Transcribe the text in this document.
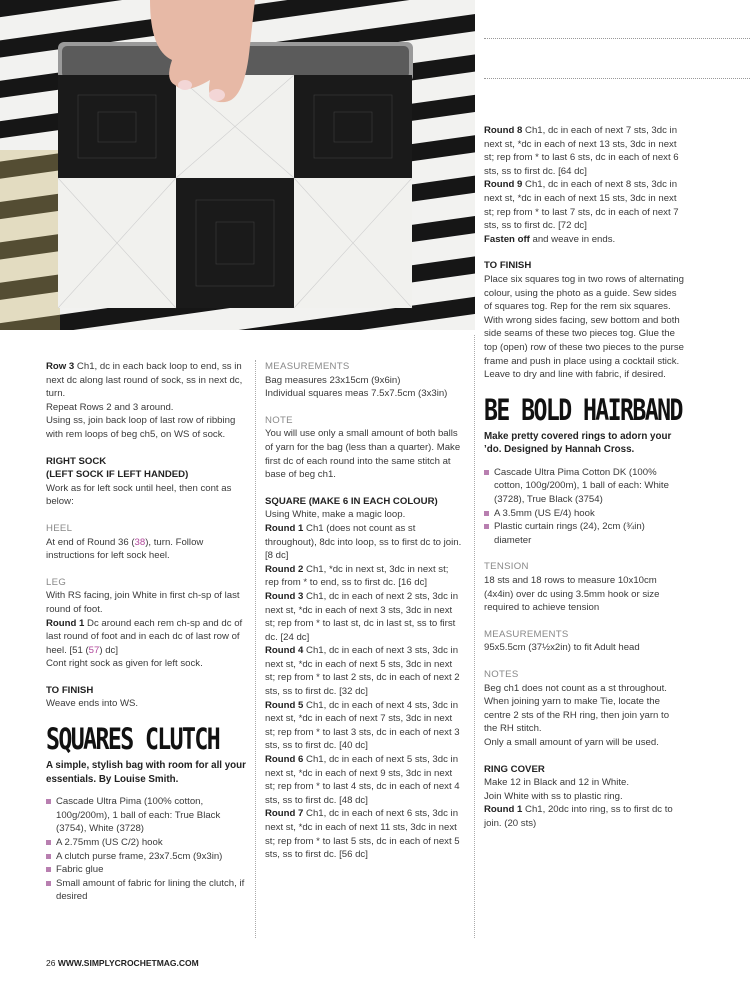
Row 3 Ch1, dc in each back loop to end, ss in next dc along last round of sock, ss in next dc, turn.

Repeat Rows 2 and 3 around.

Using ss, join back loop of last row of ribbing with rem loops of beg ch5, on WS of sock.

RIGHT SOCK
(LEFT SOCK IF LEFT HANDED)

Work as for left sock until heel, then cont as below:

HEEL

At end of Round 36 (38), turn. Follow instructions for left sock heel.

LEG

With RS facing, join White in first ch-sp of last round of foot.

Round 1 Dc around each rem ch-sp and dc of last round of foot and in each dc of last row of heel. [51 (57) dc]

Cont right sock as given for left sock.

TO FINISH

Weave ends into WS.

SQUARES CLUTCH

A simple, stylish bag with room for all your essentials. By Louise Smith.

Cascade Ultra Pima (100% cotton, 100g/200m), 1 ball of each: True Black (3754), White (3728)
A 2.75mm (US C/2) hook
A clutch purse frame, 23x7.5cm (9x3in)
Fabric glue
Small amount of fabric for lining the clutch, if desired

MEASUREMENTS

Bag measures 23x15cm (9x6in)

Individual squares meas 7.5x7.5cm (3x3in)

NOTE

You will use only a small amount of both balls of yarn for the bag (less than a quarter). Make first dc of each round into the same stitch at base of beg ch1.

SQUARE (MAKE 6 IN EACH COLOUR)

Using White, make a magic loop.

Round 1 Ch1 (does not count as st throughout), 8dc into loop, ss to first dc to join. [8 dc]

Round 2 Ch1, *dc in next st, 3dc in next st; rep from * to end, ss to first dc. [16 dc]

Round 3 Ch1, dc in each of next 2 sts, 3dc in next st, *dc in each of next 3 sts, 3dc in next st; rep from * to last st, dc in last st, ss to first dc. [24 dc]

Round 4 Ch1, dc in each of next 3 sts, 3dc in next st, *dc in each of next 5 sts, 3dc in next st; rep from * to last 2 sts, dc in each of next 2 sts, ss to first dc. [32 dc]

Round 5 Ch1, dc in each of next 4 sts, 3dc in next st, *dc in each of next 7 sts, 3dc in next st; rep from * to last 3 sts, dc in each of next 3 sts, ss to first dc. [40 dc]

Round 6 Ch1, dc in each of next 5 sts, 3dc in next st, *dc in each of next 9 sts, 3dc in next st; rep from * to last 4 sts, dc in each of next 4 sts, ss to first dc. [48 dc]

Round 7 Ch1, dc in each of next 6 sts, 3dc in next st, *dc in each of next 11 sts, 3dc in next st; rep from * to last 5 sts, dc in each of next 5 sts, ss to first dc. [56 dc]

Round 8 Ch1, dc in each of next 7 sts, 3dc in next st, *dc in each of next 13 sts, 3dc in next st; rep from * to last 6 sts, dc in each of next 6 sts, ss to first dc. [64 dc]

Round 9 Ch1, dc in each of next 8 sts, 3dc in next st, *dc in each of next 15 sts, 3dc in next st; rep from * to last 7 sts, dc in each of next 7 sts, ss to first dc. [72 dc]

Fasten off and weave in ends.

TO FINISH

Place six squares tog in two rows of alternating colour, using the photo as a guide. Sew sides of squares tog. Rep for the rem six squares. With wrong sides facing, sew bottom and both side seams of these two pieces tog. Glue the top (open) row of these two pieces to the purse frame and push in place using a cocktail stick. Leave to dry and line with fabric, if desired.

BE BOLD HAIRBAND

Make pretty covered rings to adorn your ’do. Designed by Hannah Cross.

Cascade Ultra Pima Cotton DK (100% cotton, 100g/200m), 1 ball of each: White (3728), True Black (3754)
A 3.5mm (US E/4) hook
Plastic curtain rings (24), 2cm (¾in) diameter

TENSION

18 sts and 18 rows to measure 10x10cm (4x4in) over dc using 3.5mm hook or size required to achieve tension

MEASUREMENTS

95x5.5cm (37½x2in) to fit Adult head

NOTES

Beg ch1 does not count as a st throughout.

When joining yarn to make Tie, locate the centre 2 sts of the RH ring, then join yarn to the RH stitch.

Only a small amount of yarn will be used.

RING COVER

Make 12 in Black and 12 in White.

Join White with ss to plastic ring.

Round 1 Ch1, 20dc into ring, ss to first dc to join. (20 sts)

26 WWW.SIMPLYCROCHETMAG.COM
